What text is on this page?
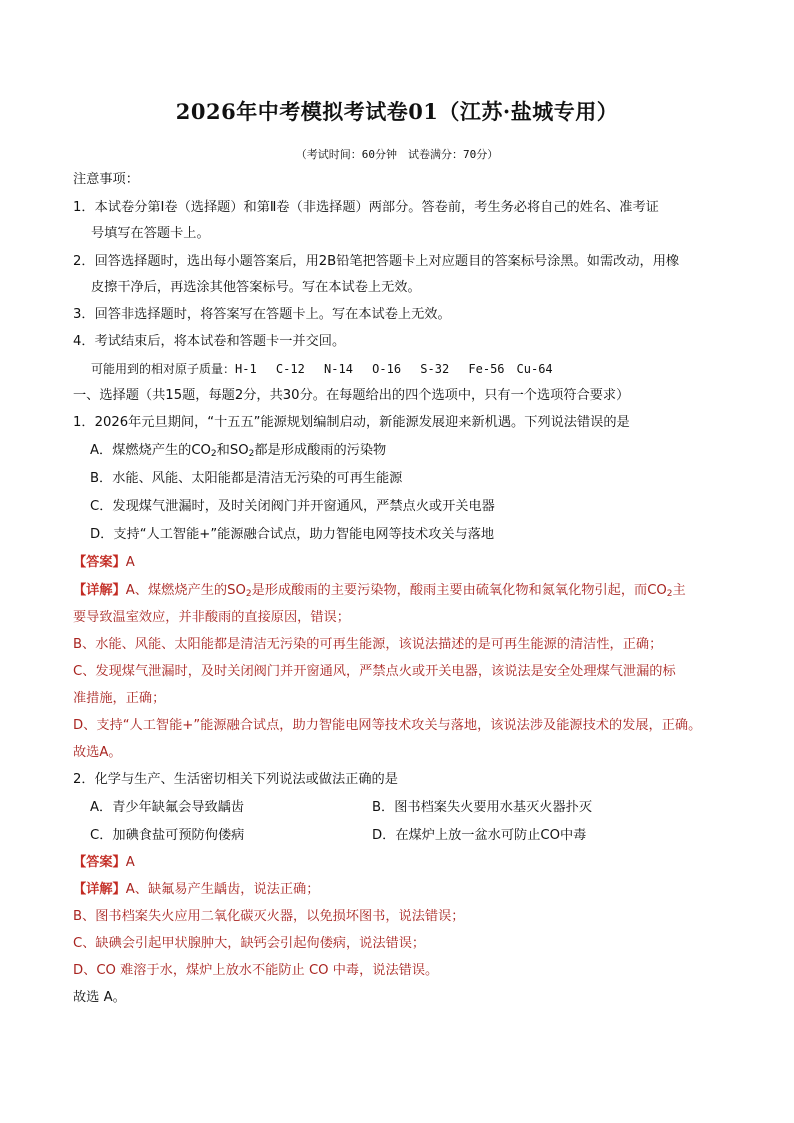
2026年中考模拟考试卷01（江苏·盐城专用）
（考试时间：60分钟　试卷满分：70分）
注意事项：
1．本试卷分第Ⅰ卷（选择题）和第Ⅱ卷（非选择题）两部分。答卷前，考生务必将自己的姓名、准考证
号填写在答题卡上。
2．回答选择题时，选出每小题答案后，用2B铅笔把答题卡上对应题目的答案标号涂黑。如需改动，用橡
皮擦干净后，再选涂其他答案标号。写在本试卷上无效。
3．回答非选择题时，将答案写在答题卡上。写在本试卷上无效。
4．考试结束后，将本试卷和答题卡一并交回。
可能用到的相对原子质量：H-1　 C-12　 N-14　 O-16　 S-32　 Fe-56　Cu-64
一、选择题（共15题，每题2分，共30分。在每题给出的四个选项中，只有一个选项符合要求）
1．2026年元旦期间，“十五五”能源规划编制启动，新能源发展迎来新机遇。下列说法错误的是
A．煤燃烧产生的$CO_2$和$SO_2$都是形成酸雨的污染物
B．水能、风能、太阳能都是清洁无污染的可再生能源
C．发现煤气泄漏时，及时关闭阀门并开窗通风，严禁点火或开关电器
D．支持“人工智能+”能源融合试点，助力智能电网等技术攻关与落地
【答案】A
【详解】A、煤燃烧产生的$SO_2$是形成酸雨的主要污染物，酸雨主要由硫氧化物和氮氧化物引起，而$CO_2$主
要导致温室效应，并非酸雨的直接原因，错误；
B、水能、风能、太阳能都是清洁无污染的可再生能源，该说法描述的是可再生能源的清洁性，正确；
C、发现煤气泄漏时，及时关闭阀门并开窗通风，严禁点火或开关电器，该说法是安全处理煤气泄漏的标
准措施，正确；
D、支持“人工智能+”能源融合试点，助力智能电网等技术攻关与落地，该说法涉及能源技术的发展，正确。
故选A。
2．化学与生产、生活密切相关下列说法或做法正确的是
A．青少年缺氟会导致龋齿	B．图书档案失火要用水基灭火器扑灭
C．加碘食盐可预防佝偻病	D．在煤炉上放一盆水可防止CO中毒
【答案】A
【详解】A、缺氟易产生龋齿，说法正确；
B、图书档案失火应用二氧化碳灭火器，以免损坏图书，说法错误；
C、缺碘会引起甲状腺肿大，缺钙会引起佝偻病，说法错误；
D、CO 难溶于水，煤炉上放水不能防止 CO 中毒，说法错误。
故选 A。
